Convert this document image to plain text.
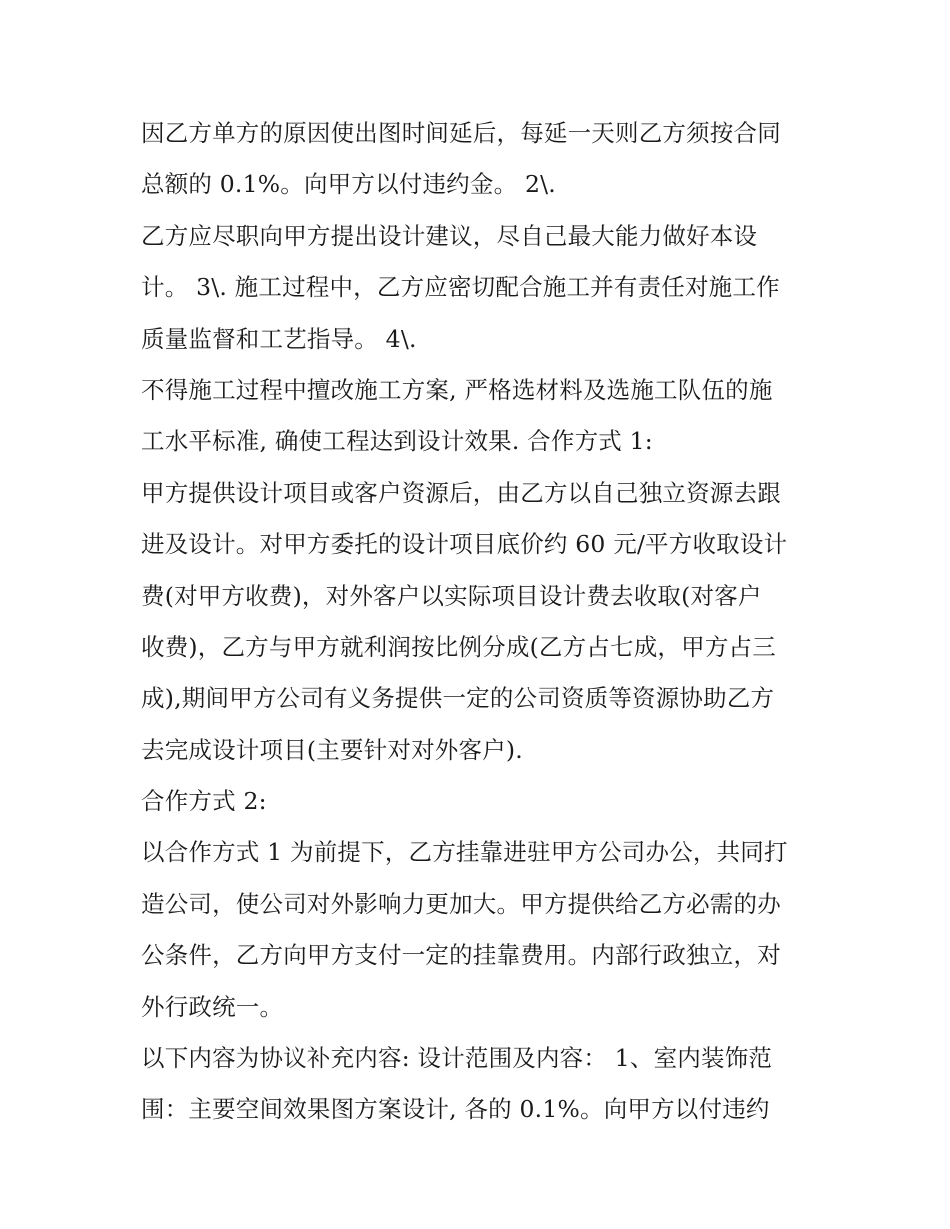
因乙方单方的原因使出图时间延后，每延一天则乙方须按合同
总额的 0.1%。向甲方以付违约金。 2\.
乙方应尽职向甲方提出设计建议，尽自己最大能力做好本设
计。 3\. 施工过程中，乙方应密切配合施工并有责任对施工作
质量监督和工艺指导。 4\.
不得施工过程中擅改施工方案, 严格选材料及选施工队伍的施
工水平标准, 确使工程达到设计效果. 合作方式 1:
甲方提供设计项目或客户资源后，由乙方以自己独立资源去跟
进及设计。对甲方委托的设计项目底价约 60 元/平方收取设计
费(对甲方收费)，对外客户以实际项目设计费去收取(对客户
收费)，乙方与甲方就利润按比例分成(乙方占七成，甲方占三
成),期间甲方公司有义务提供一定的公司资质等资源协助乙方
去完成设计项目(主要针对对外客户).
合作方式 2:
以合作方式 1 为前提下，乙方挂靠进驻甲方公司办公，共同打
造公司，使公司对外影响力更加大。甲方提供给乙方必需的办
公条件，乙方向甲方支付一定的挂靠费用。内部行政独立，对
外行政统一。
以下内容为协议补充内容: 设计范围及内容： 1、室内装饰范
围：主要空间效果图方案设计, 各的 0.1%。向甲方以付违约
